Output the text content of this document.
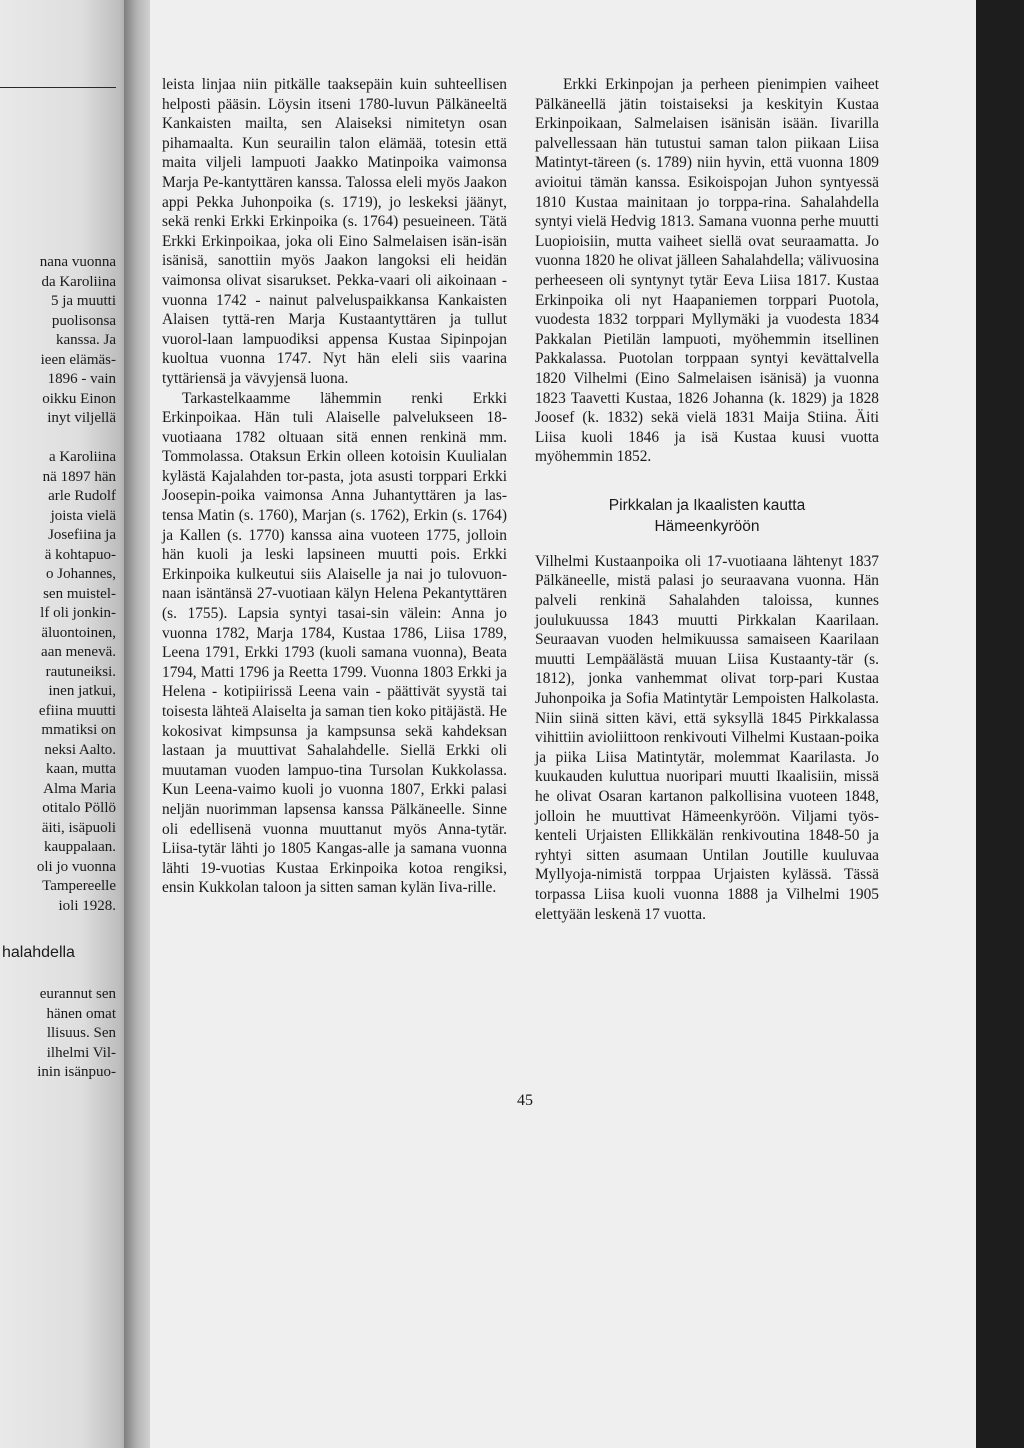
nana vuonna
da Karoliina
5 ja muutti
puolisonsa
kanssa. Ja
ieen elämäs-
1896 - vain
oikku Einon
inyt viljellä
a Karoliina
nä 1897 hän
arle Rudolf
joista vielä
Josefiina ja
ä kohtapuo-
o Johannes,
sen muistel-
lf oli jonkin-
äluontoinen,
aan menevä.
rautuneiksi.
inen jatkui,
efiina muutti
mmatiksi on
neksi Aalto.
kaan, mutta
Alma Maria
otitalo Pöllö
äiti, isäpuoli
kauppalaan.
oli jo vuonna
Tampereelle
ioli 1928.
halahdella
eurannut sen
hänen omat
llisuus. Sen
ilhelmi Vil-
inin isänpuo-

leista linjaa niin pitkälle taaksepäin kuin suhteellisen helposti pääsin. Löysin itseni 1780-luvun Pälkäneeltä Kankaisten mailta, sen Alaiseksi nimitetyn osan pihamaalta. Kun seurailin talon elämää, totesin että maita viljeli lampuoti Jaakko Matinpoika vaimonsa Marja Pe-kantyttären kanssa. Talossa eleli myös Jaakon appi Pekka Juhonpoika (s. 1719), jo leskeksi jäänyt, sekä renki Erkki Erkinpoika (s. 1764) pesueineen. Tätä Erkki Erkinpoikaa, joka oli Eino Salmelaisen isän-isän isänisä, sanottiin myös Jaakon langoksi eli heidän vaimonsa olivat sisarukset. Pekka-vaari oli aikoinaan - vuonna 1742 - nainut palveluspaikkansa Kankaisten Alaisen tyttä-ren Marja Kustaantyttären ja tullut vuorol-laan lampuodiksi appensa Kustaa Sipinpojan kuoltua vuonna 1747. Nyt hän eleli siis vaarina tyttäriensä ja vävyjensä luona.

Tarkastelkaamme lähemmin renki Erkki Erkinpoikaa. Hän tuli Alaiselle palvelukseen 18-vuotiaana 1782 oltuaan sitä ennen renkinä mm. Tommolassa. Otaksun Erkin olleen kotoisin Kuulialan kylästä Kajalahden tor-pasta, jota asusti torppari Erkki Joosepin-poika vaimonsa Anna Juhantyttären ja las-tensa Matin (s. 1760), Marjan (s. 1762), Erkin (s. 1764) ja Kallen (s. 1770) kanssa aina vuoteen 1775, jolloin hän kuoli ja leski lapsineen muutti pois. Erkki Erkinpoika kulkeutui siis Alaiselle ja nai jo tulovuon-naan isäntänsä 27-vuotiaan kälyn Helena Pekantyttären (s. 1755). Lapsia syntyi tasai-sin välein: Anna jo vuonna 1782, Marja 1784, Kustaa 1786, Liisa 1789, Leena 1791, Erkki 1793 (kuoli samana vuonna), Beata 1794, Matti 1796 ja Reetta 1799. Vuonna 1803 Erkki ja Helena - kotipiirissä Leena vain - päättivät syystä tai toisesta lähteä Alaiselta ja saman tien koko pitäjästä. He kokosivat kimpsunsa ja kampsunsa sekä kahdeksan lastaan ja muuttivat Sahalahdelle. Siellä Erkki oli muutaman vuoden lampuo-tina Tursolan Kukkolassa. Kun Leena-vaimo kuoli jo vuonna 1807, Erkki palasi neljän nuorimman lapsensa kanssa Pälkäneelle. Sinne oli edellisenä vuonna muuttanut myös Anna-tytär. Liisa-tytär lähti jo 1805 Kangas-alle ja samana vuonna lähti 19-vuotias Kustaa Erkinpoika kotoa rengiksi, ensin Kukkolan taloon ja sitten saman kylän Iiva-rille.

Erkki Erkinpojan ja perheen pienimpien vaiheet Pälkäneellä jätin toistaiseksi ja keskityin Kustaa Erkinpoikaan, Salmelaisen isänisän isään. Iivarilla palvellessaan hän tutustui saman talon piikaan Liisa Matintyt-täreen (s. 1789) niin hyvin, että vuonna 1809 avioitui tämän kanssa. Esikoispojan Juhon syntyessä 1810 Kustaa mainitaan jo torppa-rina. Sahalahdella syntyi vielä Hedvig 1813. Samana vuonna perhe muutti Luopioisiin, mutta vaiheet siellä ovat seuraamatta. Jo vuonna 1820 he olivat jälleen Sahalahdella; välivuosina perheeseen oli syntynyt tytär Eeva Liisa 1817. Kustaa Erkinpoika oli nyt Haapaniemen torppari Puotola, vuodesta 1832 torppari Myllymäki ja vuodesta 1834 Pakkalan Pietilän lampuoti, myöhemmin itsellinen Pakkalassa. Puotolan torppaan syntyi kevättalvella 1820 Vilhelmi (Eino Salmelaisen isänisä) ja vuonna 1823 Taavetti Kustaa, 1826 Johanna (k. 1829) ja 1828 Joosef (k. 1832) sekä vielä 1831 Maija Stiina. Äiti Liisa kuoli 1846 ja isä Kustaa kuusi vuotta myöhemmin 1852.

Pirkkalan ja Ikaalisten kautta
Hämeenkyröön

Vilhelmi Kustaanpoika oli 17-vuotiaana lähtenyt 1837 Pälkäneelle, mistä palasi jo seuraavana vuonna. Hän palveli renkinä Sahalahden taloissa, kunnes joulukuussa 1843 muutti Pirkkalan Kaarilaan. Seuraavan vuoden helmikuussa samaiseen Kaarilaan muutti Lempäälästä muuan Liisa Kustaanty-tär (s. 1812), jonka vanhemmat olivat torp-pari Kustaa Juhonpoika ja Sofia Matintytär Lempoisten Halkolasta. Niin siinä sitten kävi, että syksyllä 1845 Pirkkalassa vihittiin avioliittoon renkivouti Vilhelmi Kustaan-poika ja piika Liisa Matintytär, molemmat Kaarilasta. Jo kuukauden kuluttua nuoripari muutti Ikaalisiin, missä he olivat Osaran kartanon palkollisina vuoteen 1848, jolloin he muuttivat Hämeenkyröön. Viljami työs-kenteli Urjaisten Ellikkälän renkivoutina 1848-50 ja ryhtyi sitten asumaan Untilan Joutille kuuluvaa Myllyoja-nimistä torppaa Urjaisten kylässä. Tässä torpassa Liisa kuoli vuonna 1888 ja Vilhelmi 1905 elettyään leskenä 17 vuotta.

45
